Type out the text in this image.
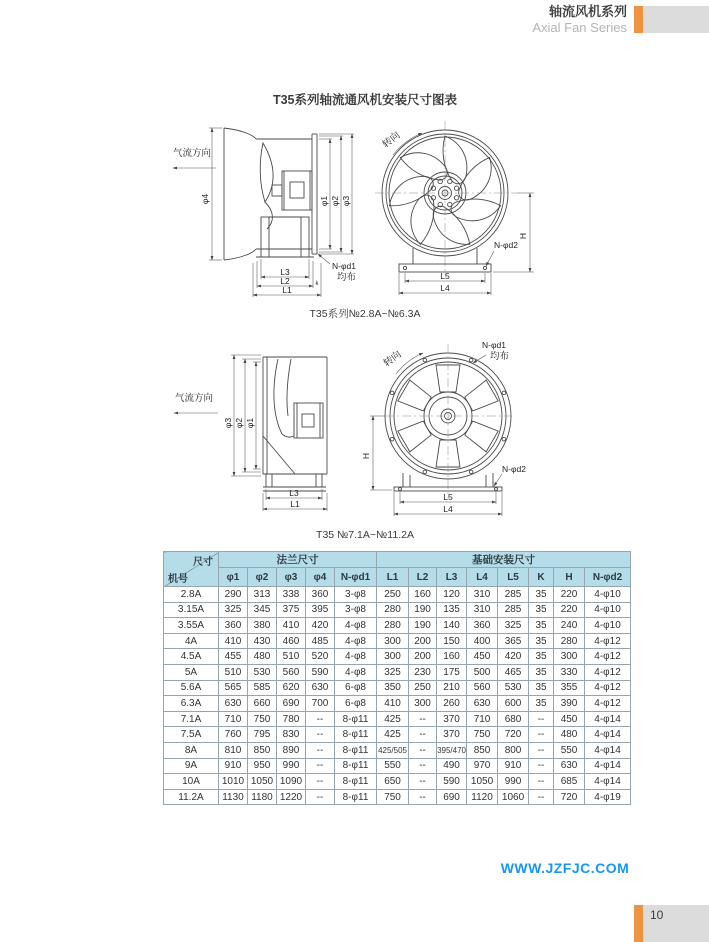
轴流风机系列
Axial Fan Series
T35系列轴流通风机安装尺寸图表
气流方向
φ4	φ1 φ2 φ3
L3
L2	k
L1
N-φd1
均布
转向
H
N-φd2
L5
L4
T35系列№2.8A~№6.3A
气流方向
φ3 φ2 φ1
L3
L1
转向
N-φd1
均布
H
N-φd2
L5
L4
T35 №7.1A~№11.2A
尺寸
机号	法兰尺寸					基础安装尺寸							
	φ1	φ2	φ3	φ4	N-φd1	L1	L2	L3	L4	L5	K	H	N-φd2
2.8A	290	313	338	360	3-φ8	250	160	120	310	285	35	220	4-φ10
3.15A	325	345	375	395	3-φ8	280	190	135	310	285	35	220	4-φ10
3.55A	360	380	410	420	4-φ8	280	190	140	360	325	35	240	4-φ10
4A	410	430	460	485	4-φ8	300	200	150	400	365	35	280	4-φ12
4.5A	455	480	510	520	4-φ8	300	200	160	450	420	35	300	4-φ12
5A	510	530	560	590	4-φ8	325	230	175	500	465	35	330	4-φ12
5.6A	565	585	620	630	6-φ8	350	250	210	560	530	35	355	4-φ12
6.3A	630	660	690	700	6-φ8	410	300	260	630	600	35	390	4-φ12
7.1A	710	750	780	--	8-φ11	425	--	370	710	680	--	450	4-φ14
7.5A	760	795	830	--	8-φ11	425	--	370	750	720	--	480	4-φ14
8A	810	850	890	--	8-φ11	425/505	--	395/470	850	800	--	550	4-φ14
9A	910	950	990	--	8-φ11	550	--	490	970	910	--	630	4-φ14
10A	1010	1050	1090	--	8-φ11	650	--	590	1050	990	--	685	4-φ14
11.2A	1130	1180	1220	--	8-φ11	750	--	690	1120	1060	--	720	4-φ19
WWW.JZFJC.COM
10
